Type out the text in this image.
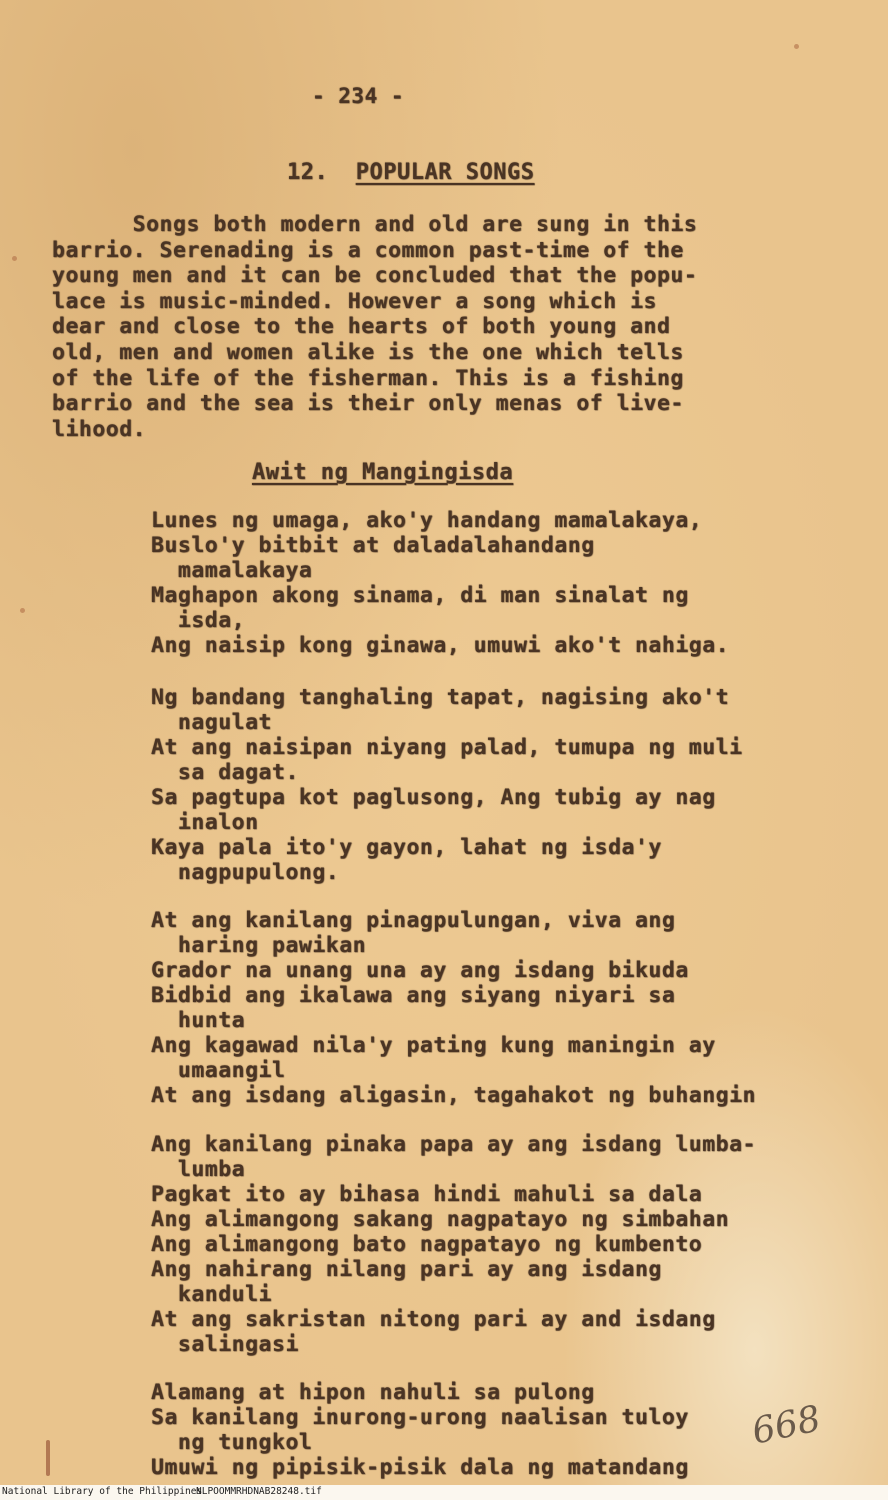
- 234 -
12. POPULAR SONGS
Songs both modern and old are sung in this
barrio. Serenading is a common past-time of the
young men and it can be concluded that the popu-
lace is music-minded. However a song which is
dear and close to the hearts of both young and
old, men and women alike is the one which tells
of the life of the fisherman. This is a fishing
barrio and the sea is their only menas of live-
lihood.
Awit ng Mangingisda
Lunes ng umaga, ako'y handang mamalakaya,
Buslo'y bitbit at daladalahandang
mamalakaya
Maghapon akong sinama, di man sinalat ng
isda,
Ang naisip kong ginawa, umuwi ako't nahiga.
Ng bandang tanghaling tapat, nagising ako't
nagulat
At ang naisipan niyang palad, tumupa ng muli
sa dagat.
Sa pagtupa kot paglusong, Ang tubig ay nag
inalon
Kaya pala ito'y gayon, lahat ng isda'y
nagpupulong.
At ang kanilang pinagpulungan, viva ang
haring pawikan
Grador na unang una ay ang isdang bikuda
Bidbid ang ikalawa ang siyang niyari sa
hunta
Ang kagawad nila'y pating kung maningin ay
umaangil
At ang isdang aligasin, tagahakot ng buhangin
Ang kanilang pinaka papa ay ang isdang lumba-
lumba
Pagkat ito ay bihasa hindi mahuli sa dala
Ang alimangong sakang nagpatayo ng simbahan
Ang alimangong bato nagpatayo ng kumbento
Ang nahirang nilang pari ay ang isdang
kanduli
At ang sakristan nitong pari ay and isdang
salingasi
Alamang at hipon nahuli sa pulong
Sa kanilang inurong-urong naalisan tuloy
ng tungkol
Umuwi ng pipisik-pisik dala ng matandang
668
National Library of the Philippines
NLPOOMMRHDNAB28248.tif
